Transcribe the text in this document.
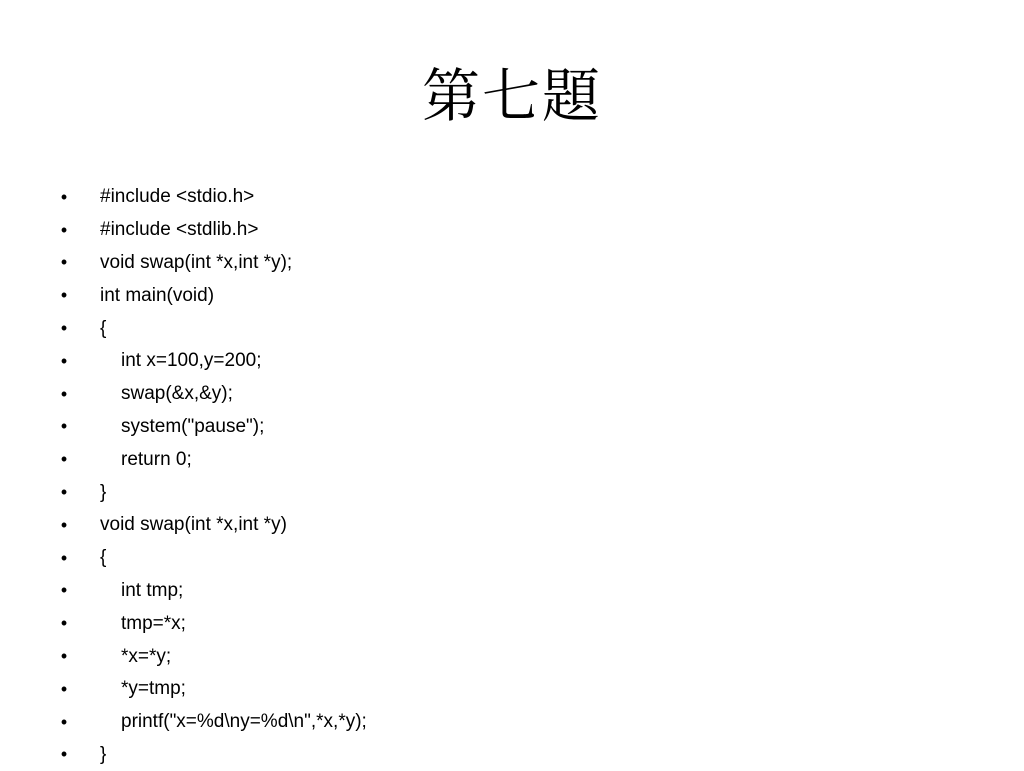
第七題
• #include <stdio.h>
• #include <stdlib.h>
• void swap(int *x,int *y);
• int main(void)
• {
•	int x=100,y=200;
•	swap(&x,&y);
•	system("pause");
•	return 0;
• }
• void swap(int *x,int *y)
• {
•	int tmp;
•	tmp=*x;
•	*x=*y;
•	*y=tmp;
•	printf("x=%d\ny=%d\n",*x,*y);
• }
